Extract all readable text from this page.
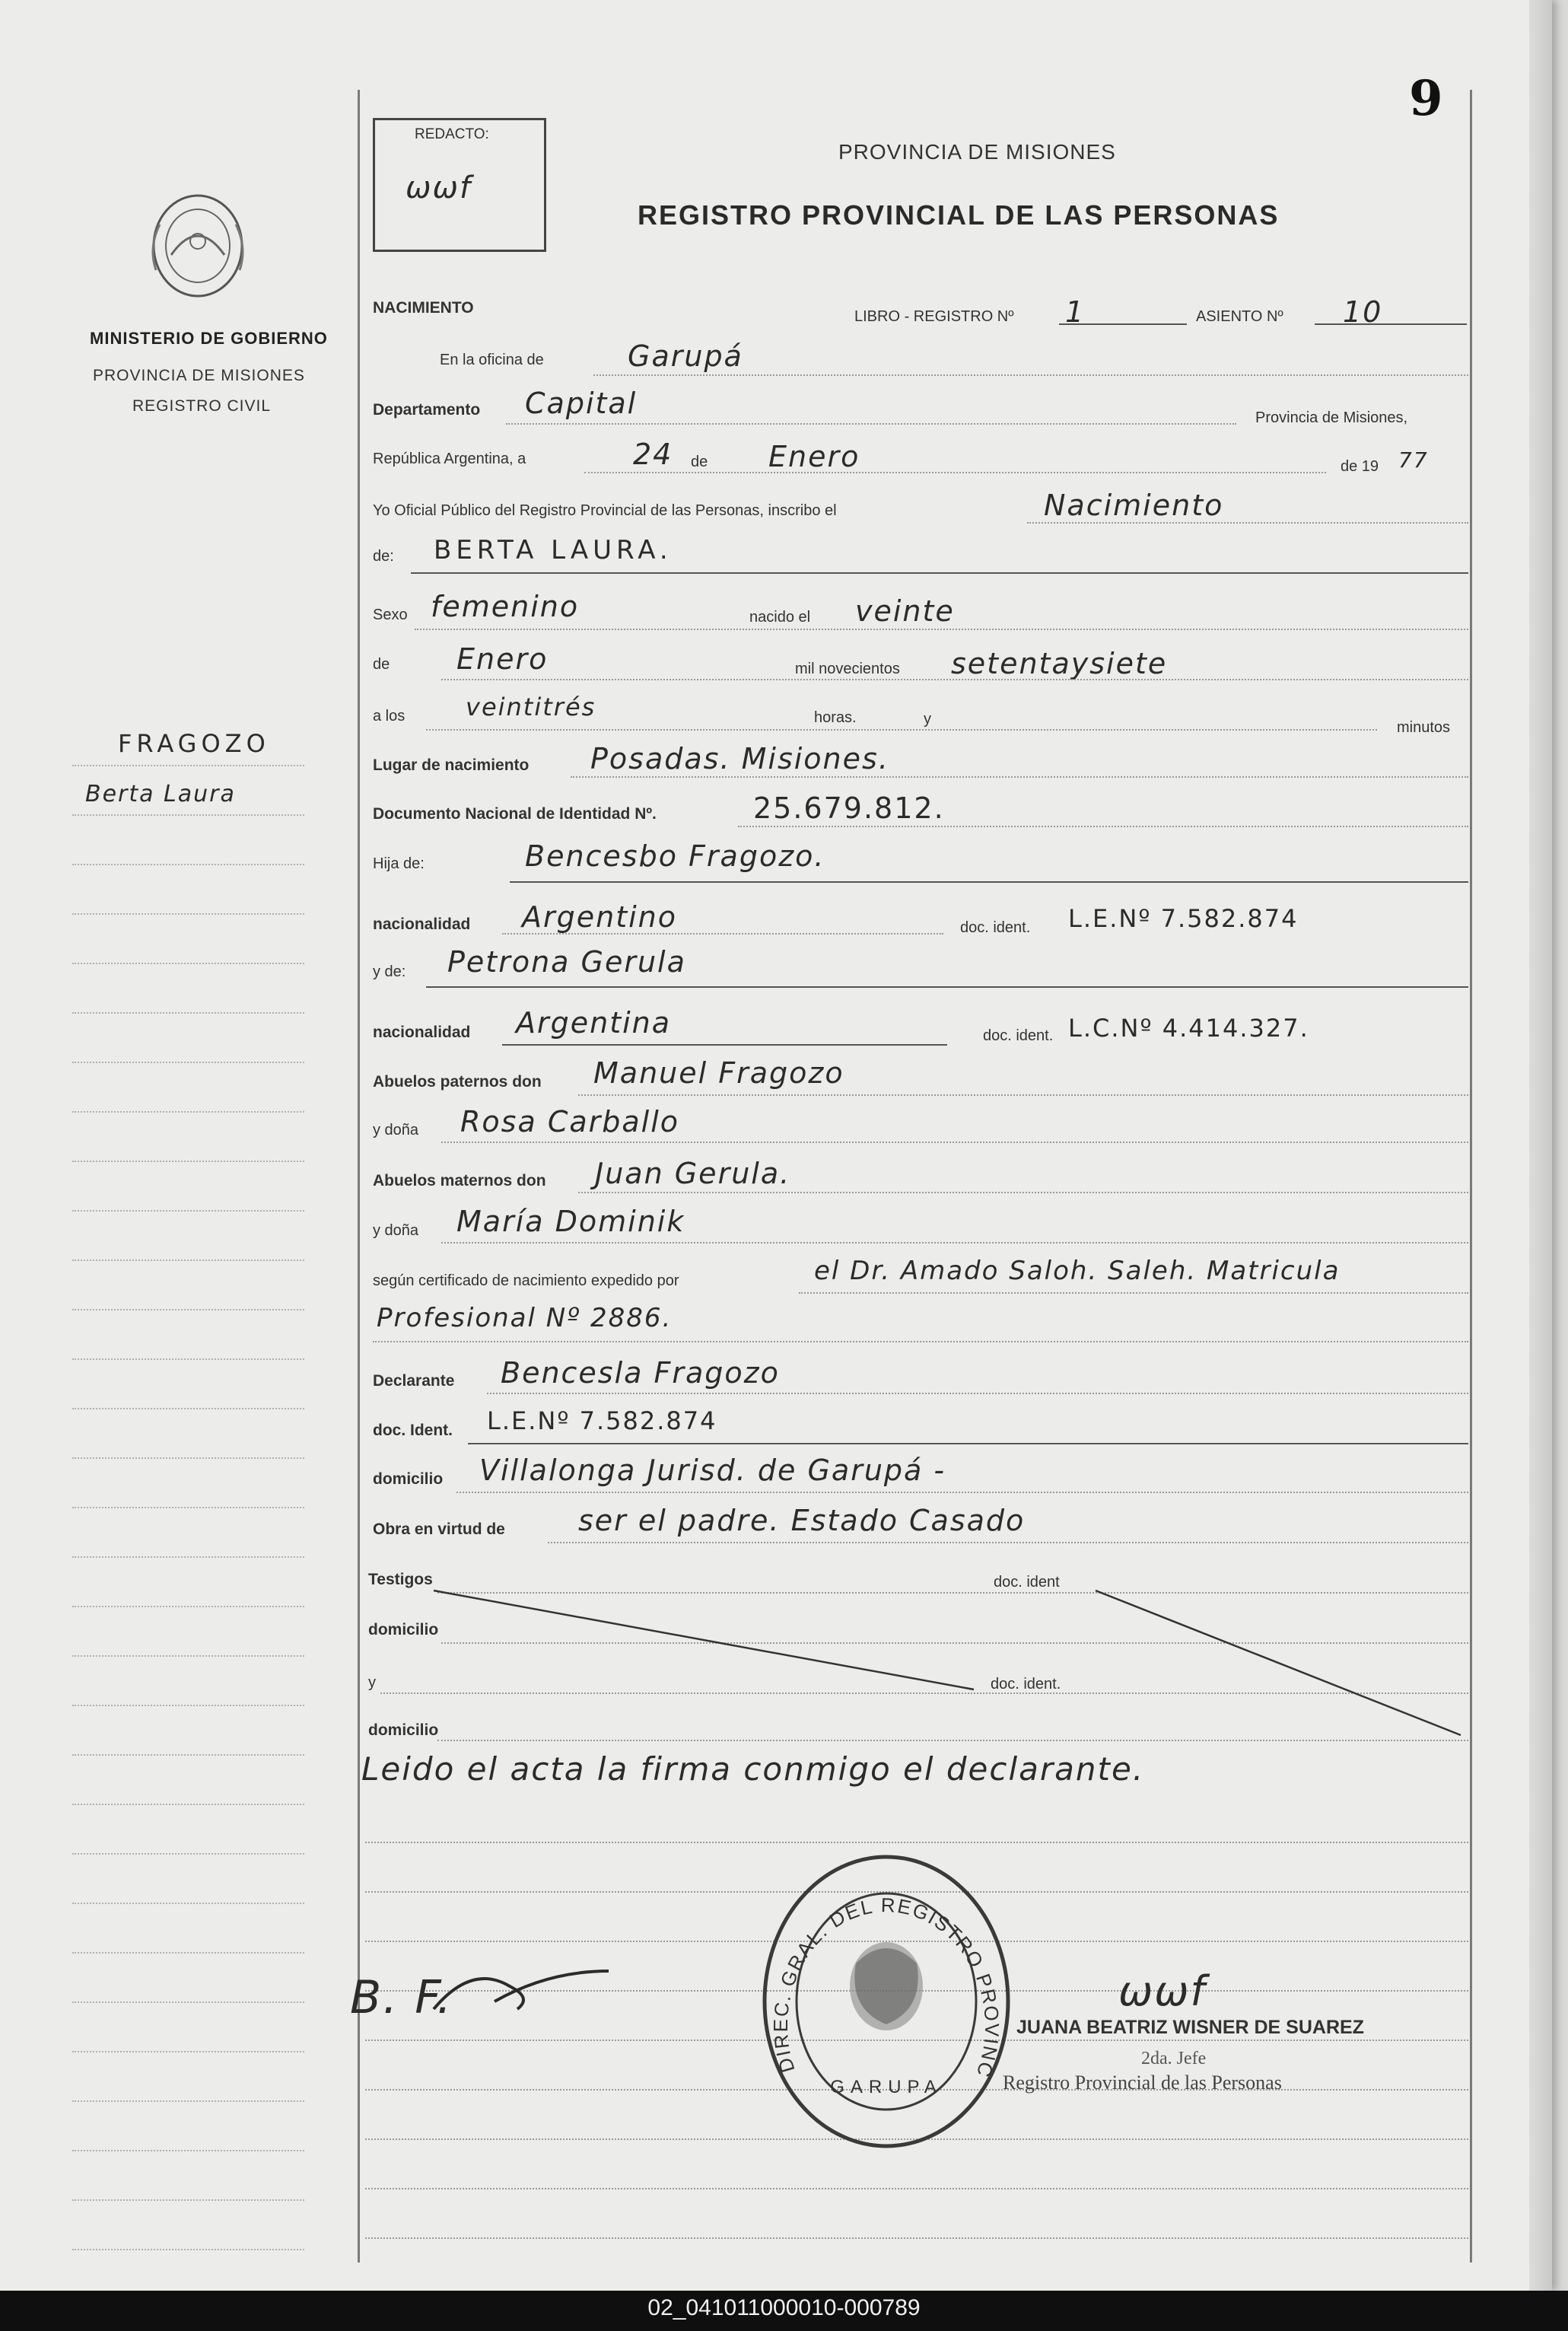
MINISTERIO DE GOBIERNO
PROVINCIA DE MISIONES
REGISTRO CIVIL
FRAGOZO
Berta Laura
9
REDACTO:
ωωf
PROVINCIA DE MISIONES
REGISTRO PROVINCIAL DE LAS PERSONAS
NACIMIENTO	LIBRO - REGISTRO Nº 1	ASIENTO Nº 10
En la oficina de	Garupá
Departamento Capital	Provincia de Misiones,
República Argentina, a	24 de Enero	de 19 77
Yo Oficial Público del Registro Provincial de las Personas, inscribo el	Nacimiento
de: BERTA LAURA.
Sexo femenino	nacido el veinte
de Enero	mil novecientos setentaysiete
a los veintitrés	horas.	y	minutos
Lugar de nacimiento Posadas. Misiones.
Documento Nacional de Identidad Nº.	25.679.812.
Hija de:	Bencesbo Fragozo.
nacionalidad Argentino	doc. ident. L.E.Nº 7.582.874
y de: Petrona Gerula
nacionalidad Argentina	doc. ident. L.C.Nº 4.414.327.
Abuelos paternos don Manuel Fragozo
y doña Rosa Carballo
Abuelos maternos don Juan Gerula.
y doña María Dominik
según certificado de nacimiento expedido por	el Dr. Amado Saloh. Saleh. Matricula
Profesional Nº 2886.
Declarante Bencesla Fragozo
doc. Ident. L.E.Nº 7.582.874
domicilio Villalonga Jurisd. de Garupá -
Obra en virtud de	ser el padre. Estado Casado
Testigos	doc. ident
domicilio
y	doc. ident.
domicilio
Leido el acta la firma conmigo el declarante.
DIREC. GRAL. DEL REGISTRO PROVINC
GARUPA
B. F.	ωωf
JUANA BEATRIZ WISNER DE SUAREZ
2da. Jefe
Registro Provincial de las Personas
02_041011000010-000789
